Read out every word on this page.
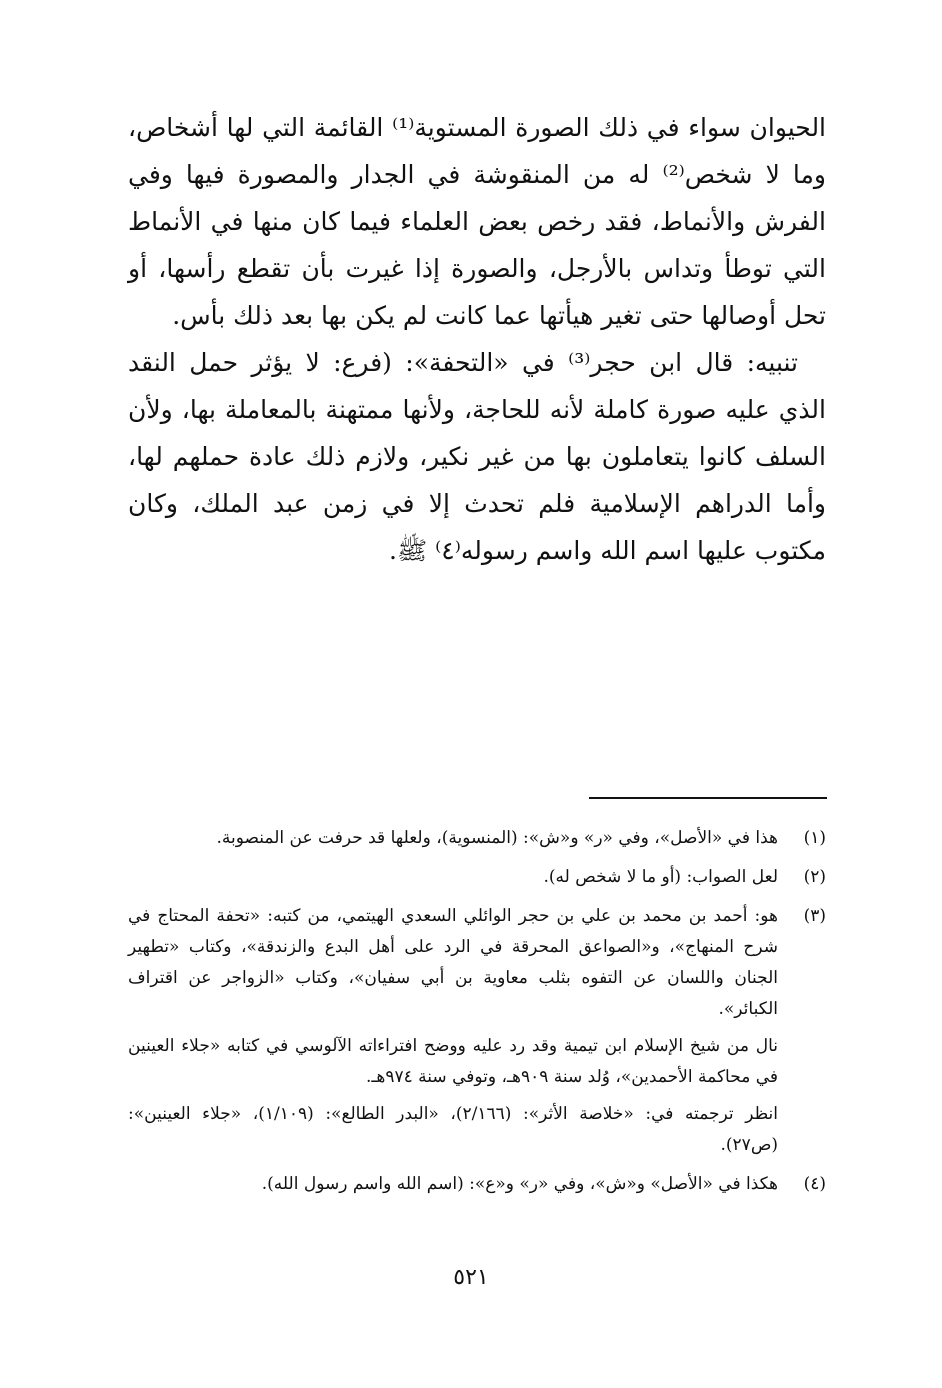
الحيوان سواء في ذلك الصورة المستوية⁽¹⁾ القائمة التي لها أشخاص، وما لا شخص⁽²⁾ له من المنقوشة في الجدار والمصورة فيها وفي الفرش والأنماط، فقد رخص بعض العلماء فيما كان منها في الأنماط التي توطأ وتداس بالأرجل، والصورة إذا غيرت بأن تقطع رأسها، أو تحل أوصالها حتى تغير هيأتها عما كانت لم يكن بها بعد ذلك بأس.

تنبيه: قال ابن حجر⁽³⁾ في «التحفة»: (فرع: لا يؤثر حمل النقد الذي عليه صورة كاملة لأنه للحاجة، ولأنها ممتهنة بالمعاملة بها، ولأن السلف كانوا يتعاملون بها من غير نكير، ولازم ذلك عادة حملهم لها، وأما الدراهم الإسلامية فلم تحدث إلا في زمن عبد الملك، وكان مكتوب عليها اسم الله واسم رسوله⁽٤⁾ ﷺ.

(١)

هذا في «الأصل»، وفي «ر» و«ش»: (المنسوية)، ولعلها قد حرفت عن المنصوبة.

(٢)

لعل الصواب: (أو ما لا شخص له).

(٣)

هو: أحمد بن محمد بن علي بن حجر الوائلي السعدي الهيتمي، من كتبه: «تحفة المحتاج في شرح المنهاج»، و«الصواعق المحرقة في الرد على أهل البدع والزندقة»، وكتاب «تطهير الجنان واللسان عن التفوه بثلب معاوية بن أبي سفيان»، وكتاب «الزواجر عن اقتراف الكبائر».

نال من شيخ الإسلام ابن تيمية وقد رد عليه ووضح افتراءاته الآلوسي في كتابه «جلاء العينين في محاكمة الأحمدين»، وُلد سنة ٩٠٩هـ، وتوفي سنة ٩٧٤هـ.

انظر ترجمته في: «خلاصة الأثر»: (٢/١٦٦)، «البدر الطالع»: (١/١٠٩)، «جلاء العينين»: (ص٢٧).

(٤)

هكذا في «الأصل» و«ش»، وفي «ر» و«ع»: (اسم الله واسم رسول الله).

٥٢١
